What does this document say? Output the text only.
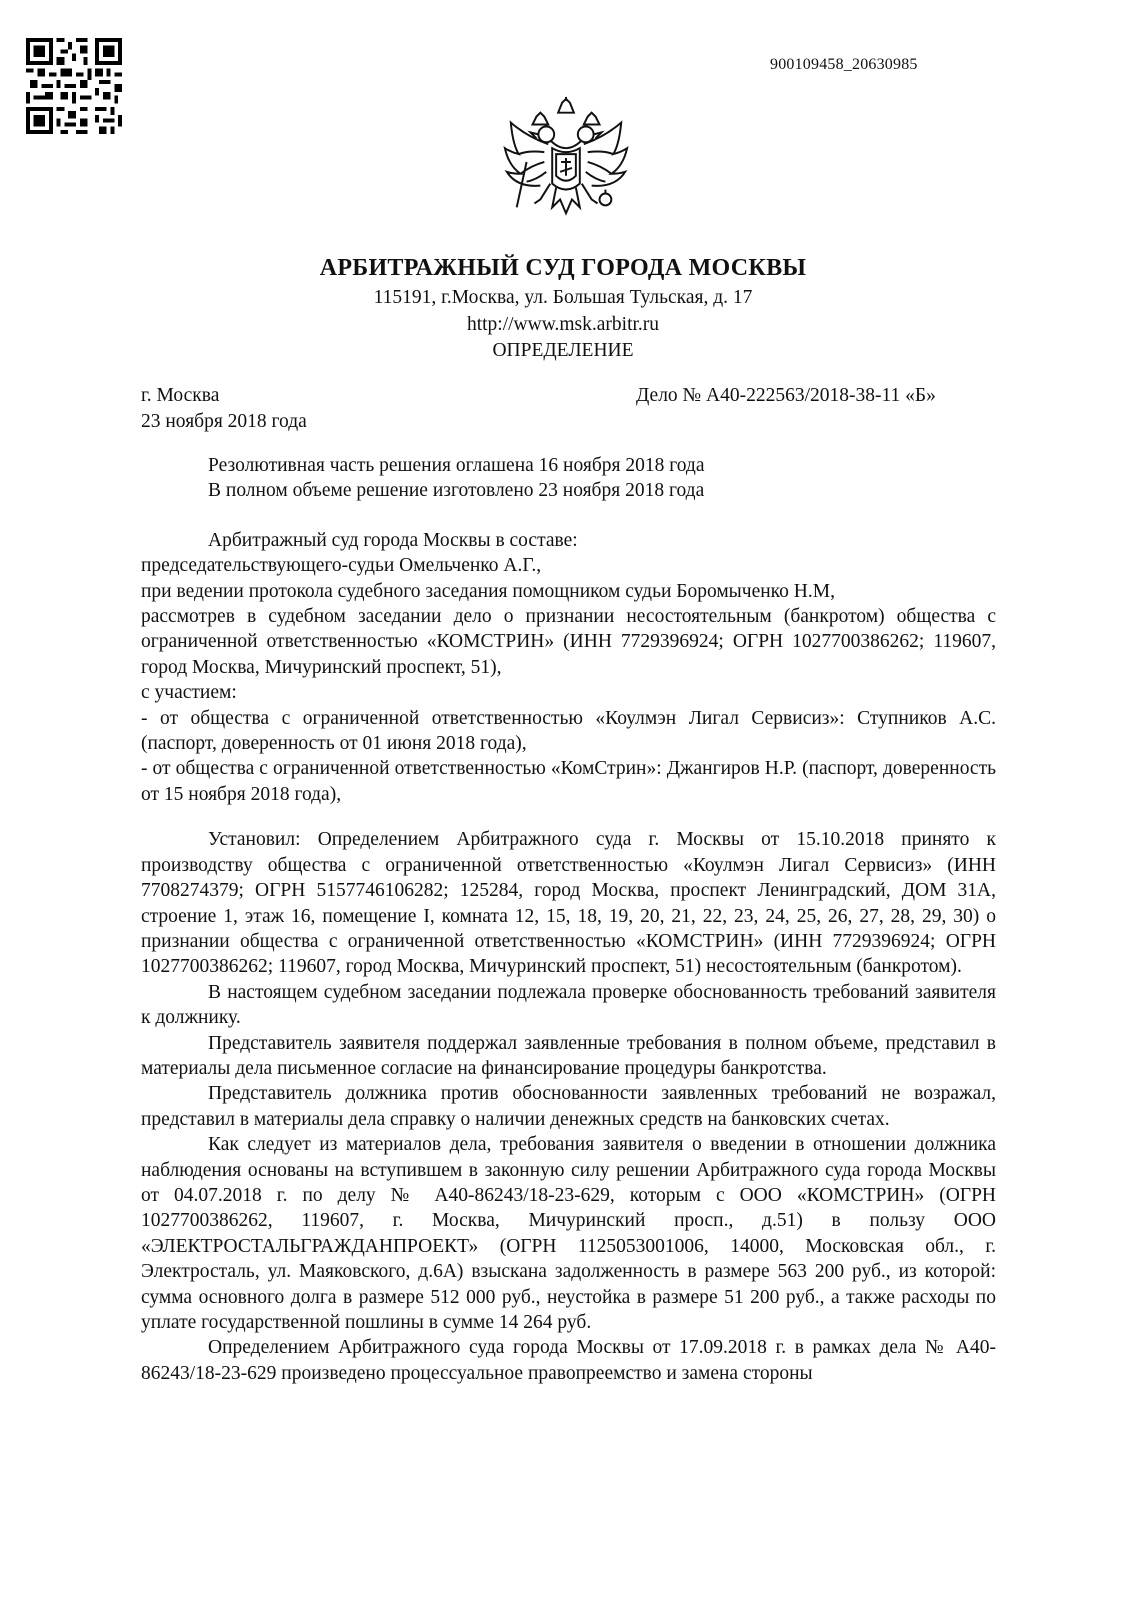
900109458_20630985
АРБИТРАЖНЫЙ СУД ГОРОДА МОСКВЫ
115191, г.Москва, ул. Большая Тульская, д. 17
http://www.msk.arbitr.ru
ОПРЕДЕЛЕНИЕ
г. Москва
23 ноября 2018 года
Дело № А40-222563/2018-38-11 «Б»

Резолютивная часть решения оглашена 16 ноября 2018 года

В полном объеме решение изготовлено 23 ноября 2018 года

Арбитражный суд города Москвы в составе:

председательствующего-судьи Омельченко А.Г.,

при ведении протокола судебного заседания помощником судьи Боромыченко Н.М,

рассмотрев в судебном заседании дело о признании несостоятельным (банкротом) общества с ограниченной ответственностью «КОМСТРИН» (ИНН 7729396924; ОГРН 1027700386262; 119607, город Москва, Мичуринский проспект, 51),

с участием:

- от общества с ограниченной ответственностью «Коулмэн Лигал Сервисиз»: Ступников А.С. (паспорт, доверенность от 01 июня 2018 года),

- от общества с ограниченной ответственностью «КомСтрин»: Джангиров Н.Р. (паспорт, доверенность от 15 ноября 2018 года),

Установил: Определением Арбитражного суда г. Москвы от 15.10.2018 принято к производству общества с ограниченной ответственностью «Коулмэн Лигал Сервисиз» (ИНН 7708274379; ОГРН 5157746106282; 125284, город Москва, проспект Ленинградский, ДОМ 31А, строение 1, этаж 16, помещение I, комната 12, 15, 18, 19, 20, 21, 22, 23, 24, 25, 26, 27, 28, 29, 30) о признании общества с ограниченной ответственностью «КОМСТРИН» (ИНН 7729396924; ОГРН 1027700386262; 119607, город Москва, Мичуринский проспект, 51) несостоятельным (банкротом).

В настоящем судебном заседании подлежала проверке обоснованность требований заявителя к должнику.

Представитель заявителя поддержал заявленные требования в полном объеме, представил в материалы дела письменное согласие на финансирование процедуры банкротства.

Представитель должника против обоснованности заявленных требований не возражал, представил в материалы дела справку о наличии денежных средств на банковских счетах.

Как следует из материалов дела, требования заявителя о введении в отношении должника наблюдения основаны на вступившем в законную силу решении Арбитражного суда города Москвы от 04.07.2018 г. по делу № А40-86243/18-23-629, которым с ООО «КОМСТРИН» (ОГРН 1027700386262, 119607, г. Москва, Мичуринский просп., д.51) в пользу ООО «ЭЛЕКТРОСТАЛЬГРАЖДАНПРОЕКТ» (ОГРН 1125053001006, 14000, Московская обл., г. Электросталь, ул. Маяковского, д.6А) взыскана задолженность в размере 563 200 руб., из которой: сумма основного долга в размере 512 000 руб., неустойка в размере 51 200 руб., а также расходы по уплате государственной пошлины в сумме 14 264 руб.

Определением Арбитражного суда города Москвы от 17.09.2018 г. в рамках дела № А40-86243/18-23-629 произведено процессуальное правопреемство и замена стороны
